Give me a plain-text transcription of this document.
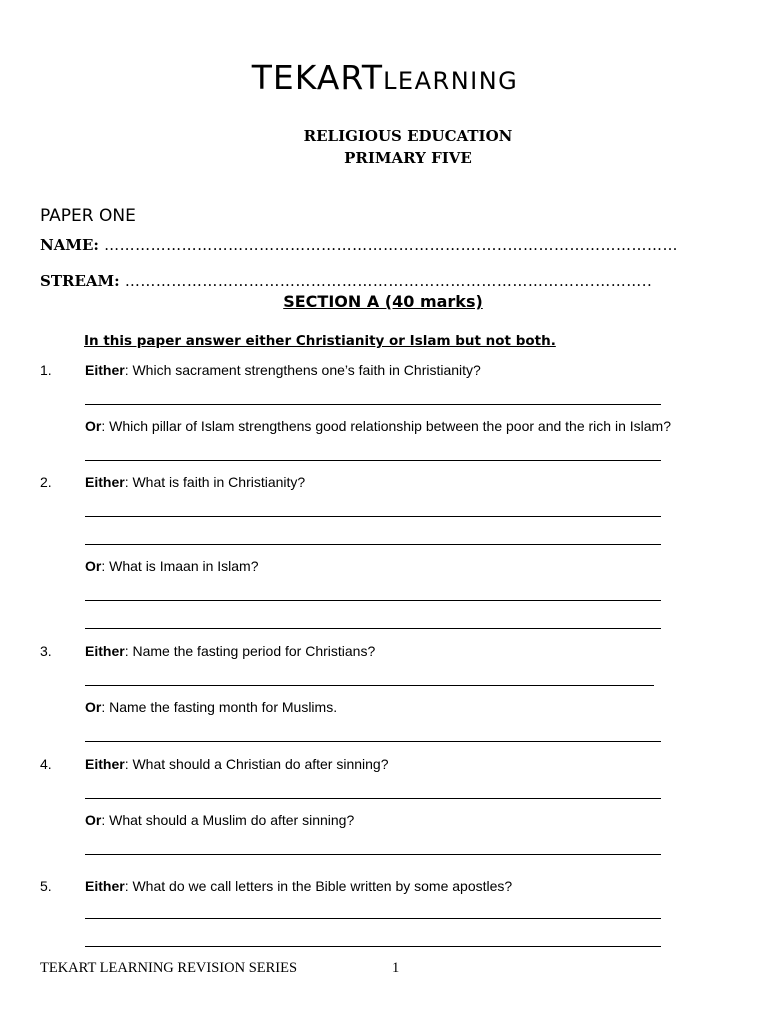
TEKARTLEARNING
RELIGIOUS EDUCATION
PRIMARY FIVE
PAPER ONE
NAME: ……………………………………………………………….…..……………………………
STREAM: ……………………………………………………………………………….………..
SECTION A (40 marks)
In this paper answer either Christianity or Islam but not both.
1. Either: Which sacrament strengthens one’s faith in Christianity?
Or: Which pillar of Islam strengthens good relationship between the poor and the rich in Islam?
2. Either: What is faith in Christianity?
Or: What is Imaan in Islam?
3. Either: Name the fasting period for Christians?
Or: Name the fasting month for Muslims.
4. Either: What should a Christian do after sinning?
Or: What should a Muslim do after sinning?
5. Either: What do we call letters in the Bible written by some apostles?
TEKART LEARNING REVISION SERIES	1
